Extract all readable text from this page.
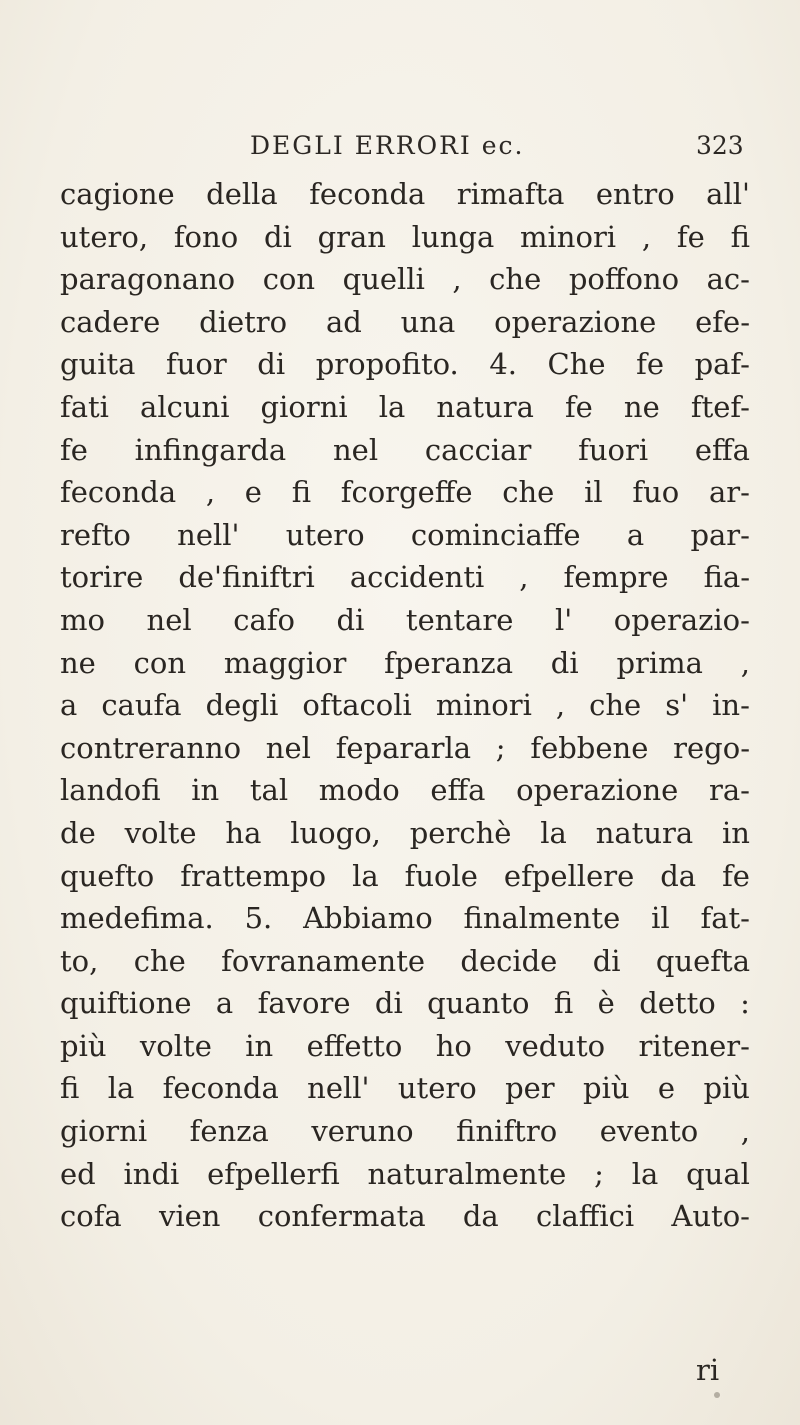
DEGLI ERRORI ec.	323
cagione della feconda rimafta entro all'
utero, fono di gran lunga minori , fe fi
paragonano con quelli , che poffono ac-
cadere dietro ad una operazione efe-
guita fuor di propofito. 4. Che fe paf-
fati alcuni giorni la natura fe ne ftef-
fe infingarda nel cacciar fuori effa
feconda , e fi fcorgeffe che il fuo ar-
refto nell' utero cominciaffe a par-
torire de'finiftri accidenti , fempre fia-
mo nel cafo di tentare l' operazio-
ne con maggior fperanza di prima ,
a caufa degli oftacoli minori , che s' in-
contreranno nel fepararla ; febbene rego-
landofi in tal modo effa operazione ra-
de volte ha luogo, perchè la natura in
quefto frattempo la fuole efpellere da fe
medefima. 5. Abbiamo finalmente il fat-
to, che fovranamente decide di quefta
quiftione a favore di quanto fi è detto :
più volte in effetto ho veduto ritener-
fi la feconda nell' utero per più e più
giorni fenza veruno finiftro evento ,
ed indi efpellerfi naturalmente ; la qual
cofa vien confermata da claffici Auto-
ri
